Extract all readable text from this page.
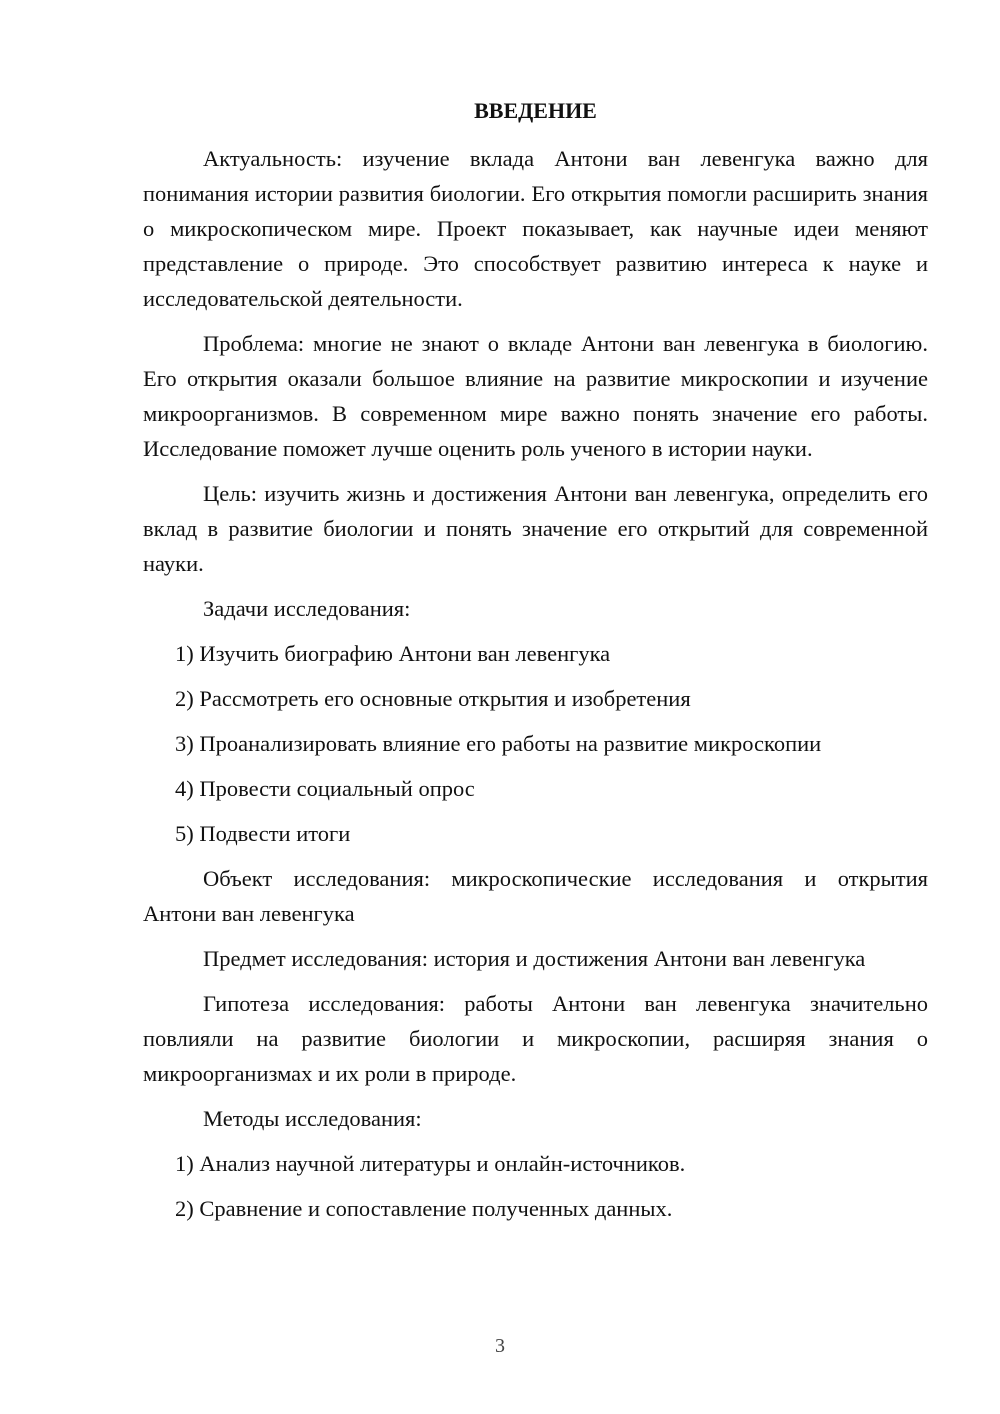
ВВЕДЕНИЕ

Актуальность: изучение вклада Антони ван левенгука важно для понимания истории развития биологии. Его открытия помогли расширить знания о микроскопическом мире. Проект показывает, как научные идеи меняют представление о природе. Это способствует развитию интереса к науке и исследовательской деятельности.

Проблема: многие не знают о вкладе Антони ван левенгука в биологию. Его открытия оказали большое влияние на развитие микроскопии и изучение микроорганизмов. В современном мире важно понять значение его работы. Исследование поможет лучше оценить роль ученого в истории науки.

Цель: изучить жизнь и достижения Антони ван левенгука, определить его вклад в развитие биологии и понять значение его открытий для современной науки.

Задачи исследования:

1) Изучить биографию Антони ван левенгука
2) Рассмотреть его основные открытия и изобретения
3) Проанализировать влияние его работы на развитие микроскопии
4) Провести социальный опрос
5) Подвести итоги

Объект исследования: микроскопические исследования и открытия Антони ван левенгука

Предмет исследования: история и достижения Антони ван левенгука

Гипотеза исследования: работы Антони ван левенгука значительно повлияли на развитие биологии и микроскопии, расширяя знания о микроорганизмах и их роли в природе.

Методы исследования:

1) Анализ научной литературы и онлайн-источников.
2) Сравнение и сопоставление полученных данных.
3
